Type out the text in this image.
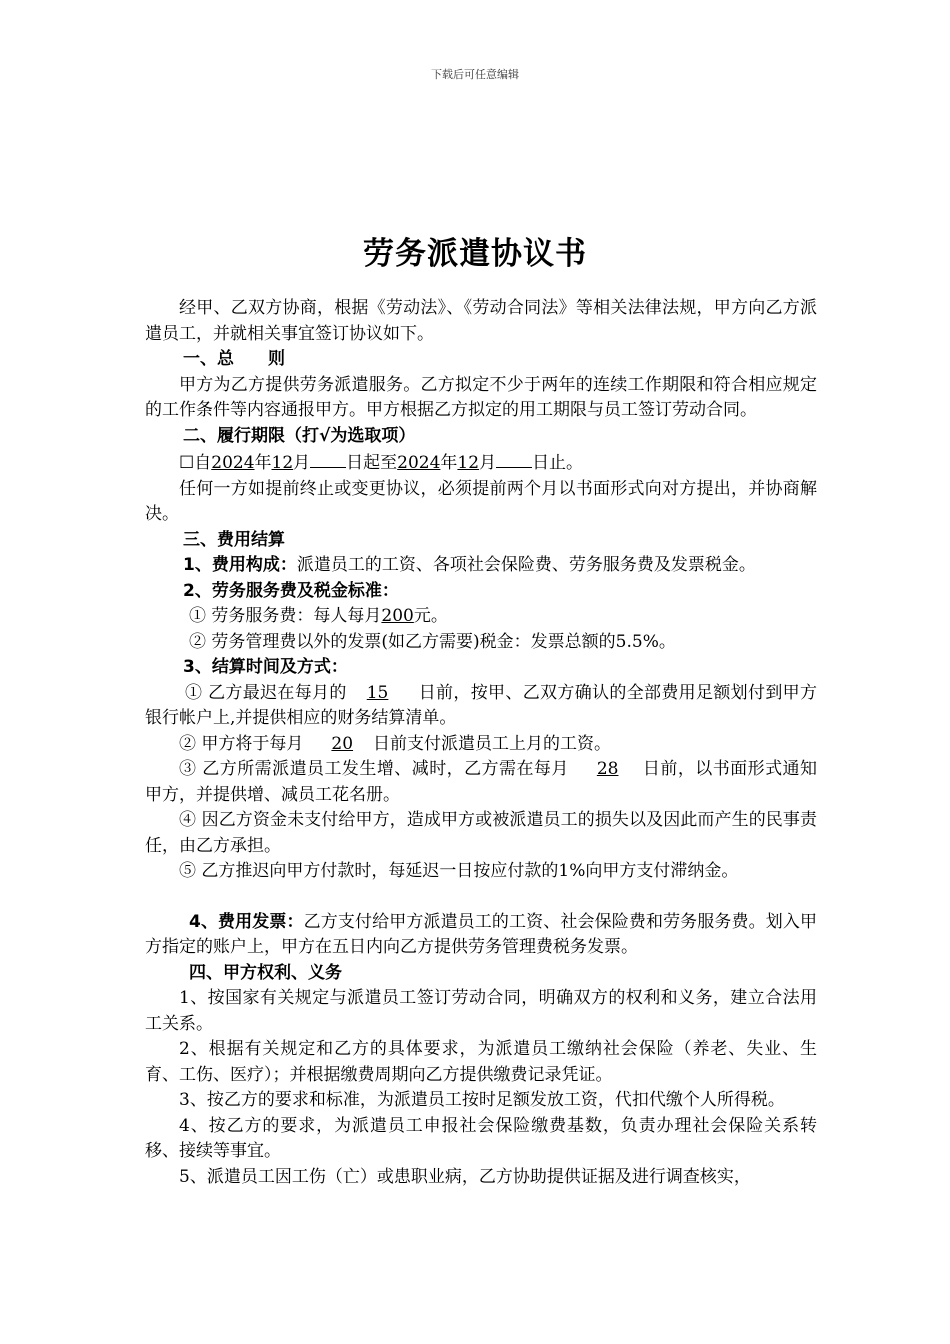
下载后可任意编辑
劳务派遣协议书

经甲、乙双方协商，根据《劳动法》、《劳动合同法》等相关法律法规，甲方向乙方派遣员工，并就相关事宜签订协议如下。

一、总　　则

甲方为乙方提供劳务派遣服务。乙方拟定不少于两年的连续工作期限和符合相应规定的工作条件等内容通报甲方。甲方根据乙方拟定的用工期限与员工签订劳动合同。

二、履行期限（打√为选取项）

☐自2024年12月 日起至2024年12月 日止。

任何一方如提前终止或变更协议，必须提前两个月以书面形式向对方提出，并协商解决。

三、费用结算

1、费用构成：派遣员工的工资、各项社会保险费、劳务服务费及发票税金。

2、劳务服务费及税金标准：

① 劳务服务费：每人每月200元。

② 劳务管理费以外的发票(如乙方需要)税金：发票总额的5.5%。

3、结算时间及方式：

① 乙方最迟在每月的 15 日前，按甲、乙双方确认的全部费用足额划付到甲方银行帐户上,并提供相应的财务结算清单。

② 甲方将于每月 20 日前支付派遣员工上月的工资。

③ 乙方所需派遣员工发生增、减时，乙方需在每月 28 日前，以书面形式通知甲方，并提供增、减员工花名册。

④ 因乙方资金未支付给甲方，造成甲方或被派遣员工的损失以及因此而产生的民事责任，由乙方承担。

⑤ 乙方推迟向甲方付款时，每延迟一日按应付款的1%向甲方支付滞纳金。

4、费用发票：乙方支付给甲方派遣员工的工资、社会保险费和劳务服务费。划入甲方指定的账户上，甲方在五日内向乙方提供劳务管理费税务发票。

四、甲方权利、义务

1、按国家有关规定与派遣员工签订劳动合同，明确双方的权利和义务，建立合法用工关系。

2、根据有关规定和乙方的具体要求，为派遣员工缴纳社会保险（养老、失业、生育、工伤、医疗）；并根据缴费周期向乙方提供缴费记录凭证。

3、按乙方的要求和标准，为派遣员工按时足额发放工资，代扣代缴个人所得税。

4、按乙方的要求，为派遣员工申报社会保险缴费基数，负责办理社会保险关系转移、接续等事宜。

5、派遣员工因工伤（亡）或患职业病，乙方协助提供证据及进行调查核实，
